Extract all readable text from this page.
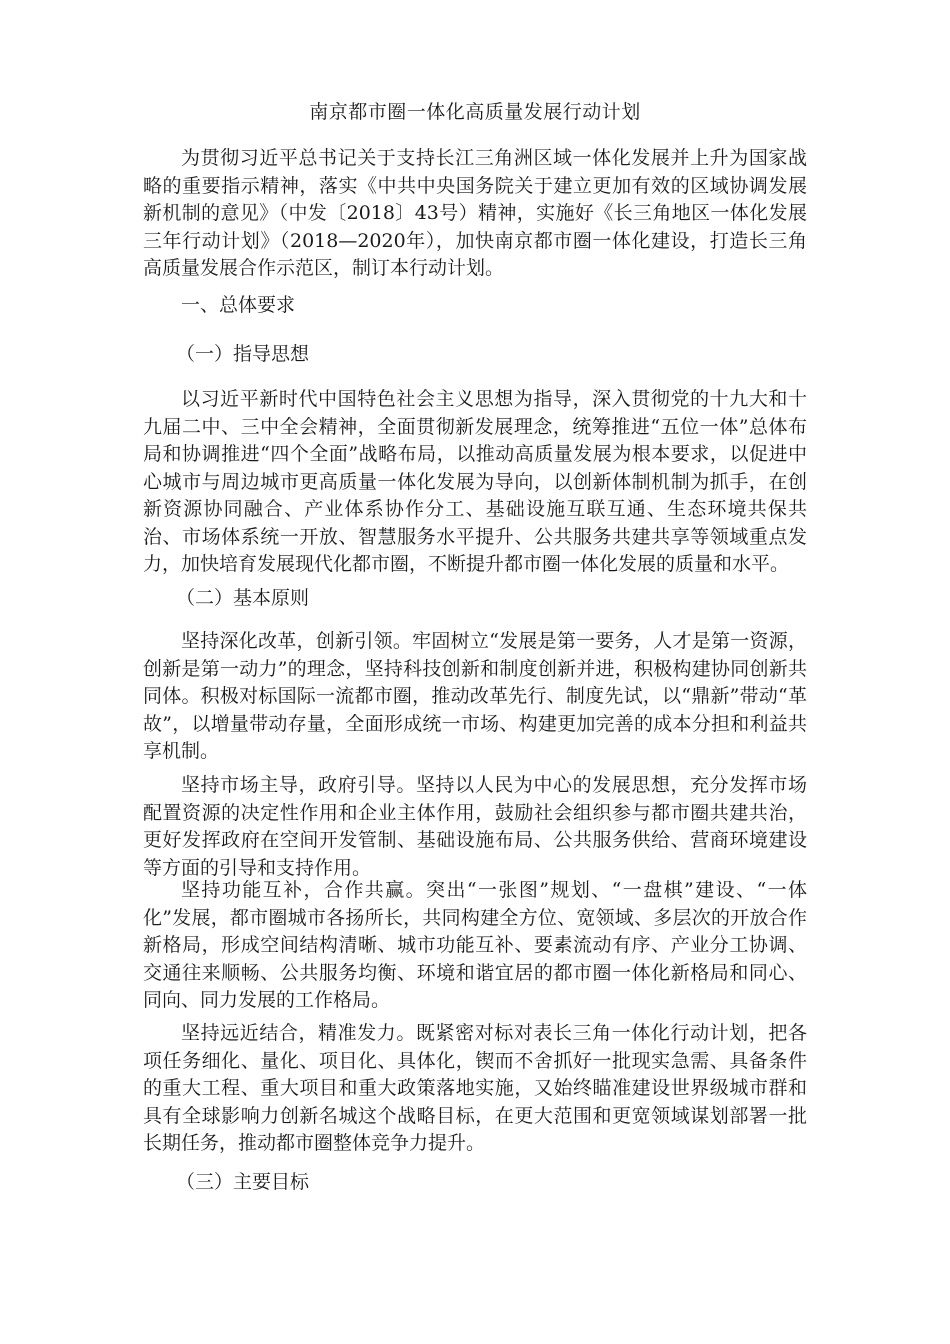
南京都市圈一体化高质量发展行动计划

为贯彻习近平总书记关于支持长江三角洲区域一体化发展并上升为国家战略的重要指示精神，落实《中共中央国务院关于建立更加有效的区域协调发展新机制的意见》（中发〔2018〕43号）精神，实施好《长三角地区一体化发展三年行动计划》（2018—2020年），加快南京都市圈一体化建设，打造长三角高质量发展合作示范区，制订本行动计划。

一、总体要求

（一）指导思想

以习近平新时代中国特色社会主义思想为指导，深入贯彻党的十九大和十九届二中、三中全会精神，全面贯彻新发展理念，统筹推进“五位一体”总体布局和协调推进“四个全面”战略布局，以推动高质量发展为根本要求，以促进中心城市与周边城市更高质量一体化发展为导向，以创新体制机制为抓手，在创新资源协同融合、产业体系协作分工、基础设施互联互通、生态环境共保共治、市场体系统一开放、智慧服务水平提升、公共服务共建共享等领域重点发力，加快培育发展现代化都市圈，不断提升都市圈一体化发展的质量和水平。

（二）基本原则

坚持深化改革，创新引领。牢固树立“发展是第一要务，人才是第一资源，创新是第一动力”的理念，坚持科技创新和制度创新并进，积极构建协同创新共同体。积极对标国际一流都市圈，推动改革先行、制度先试，以“鼎新”带动“革故”，以增量带动存量，全面形成统一市场、构建更加完善的成本分担和利益共享机制。

坚持市场主导，政府引导。坚持以人民为中心的发展思想，充分发挥市场配置资源的决定性作用和企业主体作用，鼓励社会组织参与都市圈共建共治，更好发挥政府在空间开发管制、基础设施布局、公共服务供给、营商环境建设等方面的引导和支持作用。

坚持功能互补，合作共赢。突出“一张图”规划、“一盘棋”建设、“一体化”发展，都市圈城市各扬所长，共同构建全方位、宽领域、多层次的开放合作新格局，形成空间结构清晰、城市功能互补、要素流动有序、产业分工协调、交通往来顺畅、公共服务均衡、环境和谐宜居的都市圈一体化新格局和同心、同向、同力发展的工作格局。

坚持远近结合，精准发力。既紧密对标对表长三角一体化行动计划，把各项任务细化、量化、项目化、具体化，锲而不舍抓好一批现实急需、具备条件的重大工程、重大项目和重大政策落地实施，又始终瞄准建设世界级城市群和具有全球影响力创新名城这个战略目标，在更大范围和更宽领域谋划部署一批长期任务，推动都市圈整体竞争力提升。

（三）主要目标
